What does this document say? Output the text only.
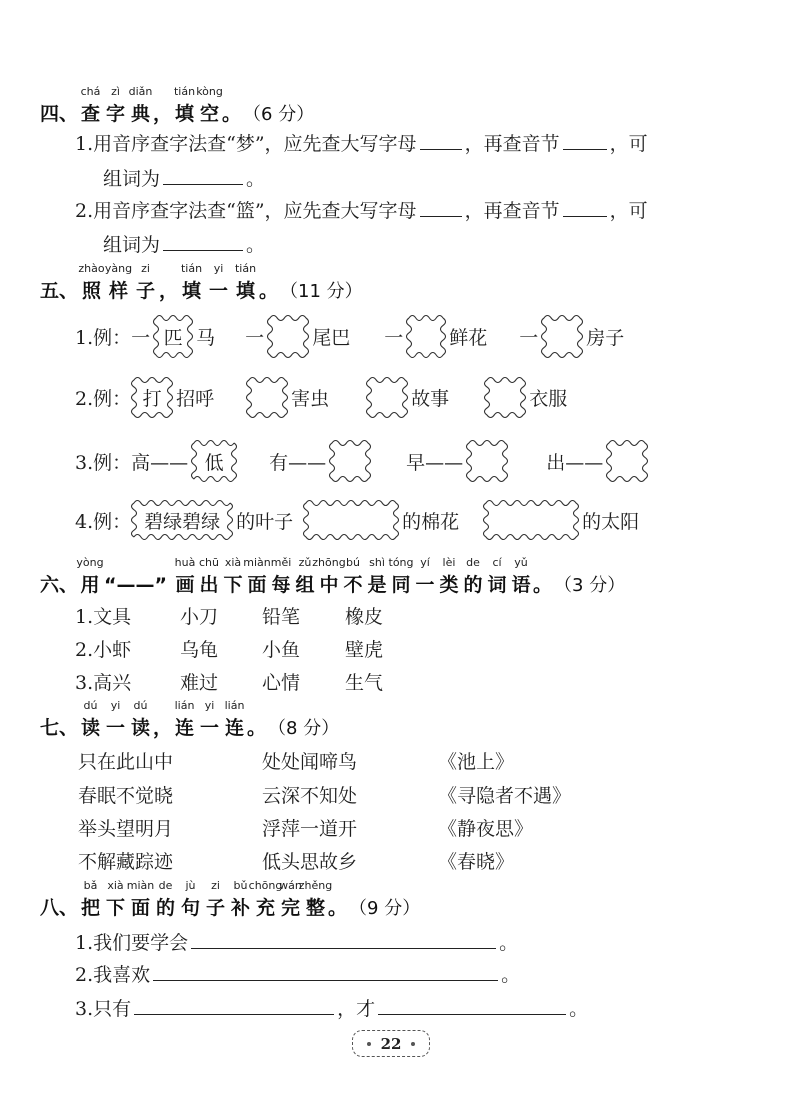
四、 查
chá
字
zì
典
diǎn
， 填
tián
空
kòng
。 （6 分）
1.用音序查字法查“梦”，应先查大写字母	，再查音节	，可
组词为	。
2.用音序查字法查“篮”，应先查大写字母	，再查音节	，可
组词为	。
五、 照
zhào
样
yàng
子
zi
， 填
tián
一
yi
填
tián
。 （11 分）
1.例： 一 匹 马 一	尾巴 一 鲜花 一	房子
2.例： 打 招呼	害虫	故事	衣服
3.例： 高—— 低 有——	早——	出——
4.例： 碧绿碧绿 的叶子	的棉花	的太阳
六、 用
yòng
“——” 画
huà
出
chū
下
xià
面
miàn
每
měi
组
zǔ
中
zhōng
不
bú
是
shì
同
tóng
一
yí
类
lèi
的
de
词
cí
语
yǔ
。 （3 分）
1.文具	小刀 铅笔 橡皮
2.小虾	乌龟 小鱼 壁虎
3.高兴	难过 心情 生气
七、 读
dú
一
yi
读
dú
， 连
lián
一
yi
连
lián
。 （8 分）
只在此山中	处处闻啼鸟	《池上》
春眠不觉晓	云深不知处	《寻隐者不遇》
举头望明月	浮萍一道开	《静夜思》
不解藏踪迹	低头思故乡	《春晓》
八、 把
bǎ
下
xià
面
miàn
的
de
句
jù
子
zi
补
bǔ
充
chōng
完
wán
整
zhěng
。 （9 分）
1.我们要学会	。
2.我喜欢	。
3.只有	，才	。
22
